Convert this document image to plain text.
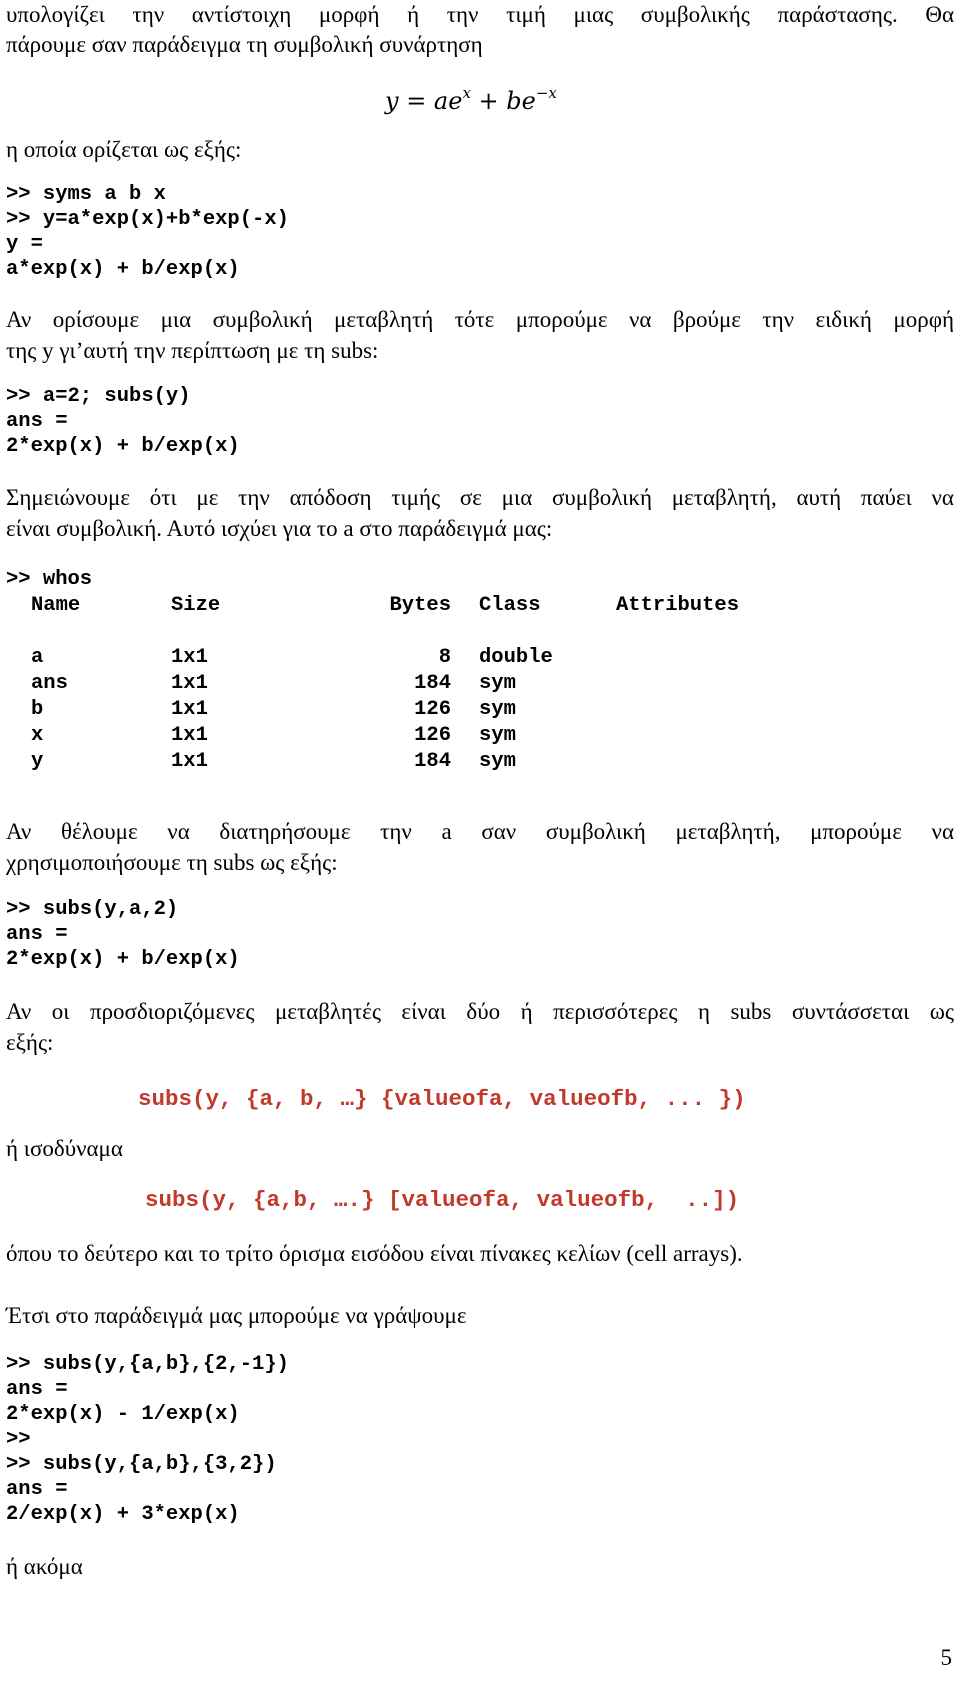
υπολογίζει την αντίστοιχη μορφή ή την τιμή μιας συμβολικής παράστασης. Θα
πάρουμε σαν παράδειγμα τη συμβολική συνάρτηση
$y = ae^x + be^{-x}$
η οποία ορίζεται ως εξής:
>> syms a b x
>> y=a*exp(x)+b*exp(-x)
y =
a*exp(x) + b/exp(x)
Αν ορίσουμε μια συμβολική μεταβλητή τότε μπορούμε να βρούμε την ειδική μορφή
της y γι’αυτή την περίπτωση με τη subs:
>> a=2; subs(y)
ans =
2*exp(x) + b/exp(x)
Σημειώνουμε ότι με την απόδοση τιμής σε μια συμβολική μεταβλητή, αυτή παύει να
είναι συμβολική. Αυτό ισχύει για το a στο παράδειγμά μας:
>> whos
Name	Size	Bytes	Class	Attributes

a	1x1	8	double	
ans	1x1	184	sym	
b	1x1	126	sym	
x	1x1	126	sym	
y	1x1	184	sym	
Αν θέλουμε να διατηρήσουμε την a σαν συμβολική μεταβλητή, μπορούμε να
χρησιμοποιήσουμε τη subs ως εξής:
>> subs(y,a,2)
ans =
2*exp(x) + b/exp(x)
Αν οι προσδιοριζόμενες μεταβλητές είναι δύο ή περισσότερες η subs συντάσσεται ως
εξής:
subs(y, {a, b, …} {valueofa, valueofb, ... })
ή ισοδύναμα
subs(y, {a,b, ….} [valueofa, valueofb,  ..])
όπου το δεύτερο και το τρίτο όρισμα εισόδου είναι πίνακες κελίων (cell arrays).
Έτσι στο παράδειγμά μας μπορούμε να γράψουμε
>> subs(y,{a,b},{2,-1})
ans =
2*exp(x) - 1/exp(x)
>>
>> subs(y,{a,b},{3,2})
ans =
2/exp(x) + 3*exp(x)
ή ακόμα
5
